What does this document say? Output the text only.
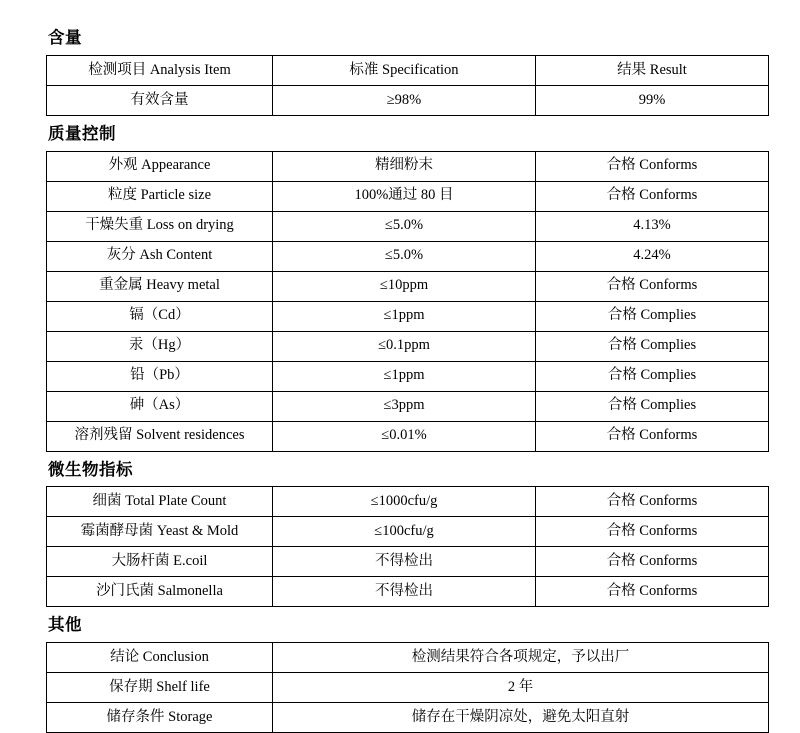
含量
检测项目 Analysis Item	标准 Specification	结果 Result
有效含量	≥98%	99%
质量控制
外观 Appearance	精细粉末	合格 Conforms
粒度 Particle size	100%通过 80 目	合格 Conforms
干燥失重 Loss on drying	≤5.0%	4.13%
灰分 Ash Content	≤5.0%	4.24%
重金属 Heavy metal	≤10ppm	合格 Conforms
镉（Cd）	≤1ppm	合格 Complies
汞（Hg）	≤0.1ppm	合格 Complies
铅（Pb）	≤1ppm	合格 Complies
砷（As）	≤3ppm	合格 Complies
溶剂残留 Solvent residences	≤0.01%	合格 Conforms
微生物指标
细菌 Total Plate Count	≤1000cfu/g	合格 Conforms
霉菌酵母菌 Yeast & Mold	≤100cfu/g	合格 Conforms
大肠杆菌 E.coil	不得检出	合格 Conforms
沙门氏菌 Salmonella	不得检出	合格 Conforms
其他
结论 Conclusion	检测结果符合各项规定，予以出厂
保存期 Shelf life	2 年
储存条件 Storage	储存在干燥阴凉处，避免太阳直射
